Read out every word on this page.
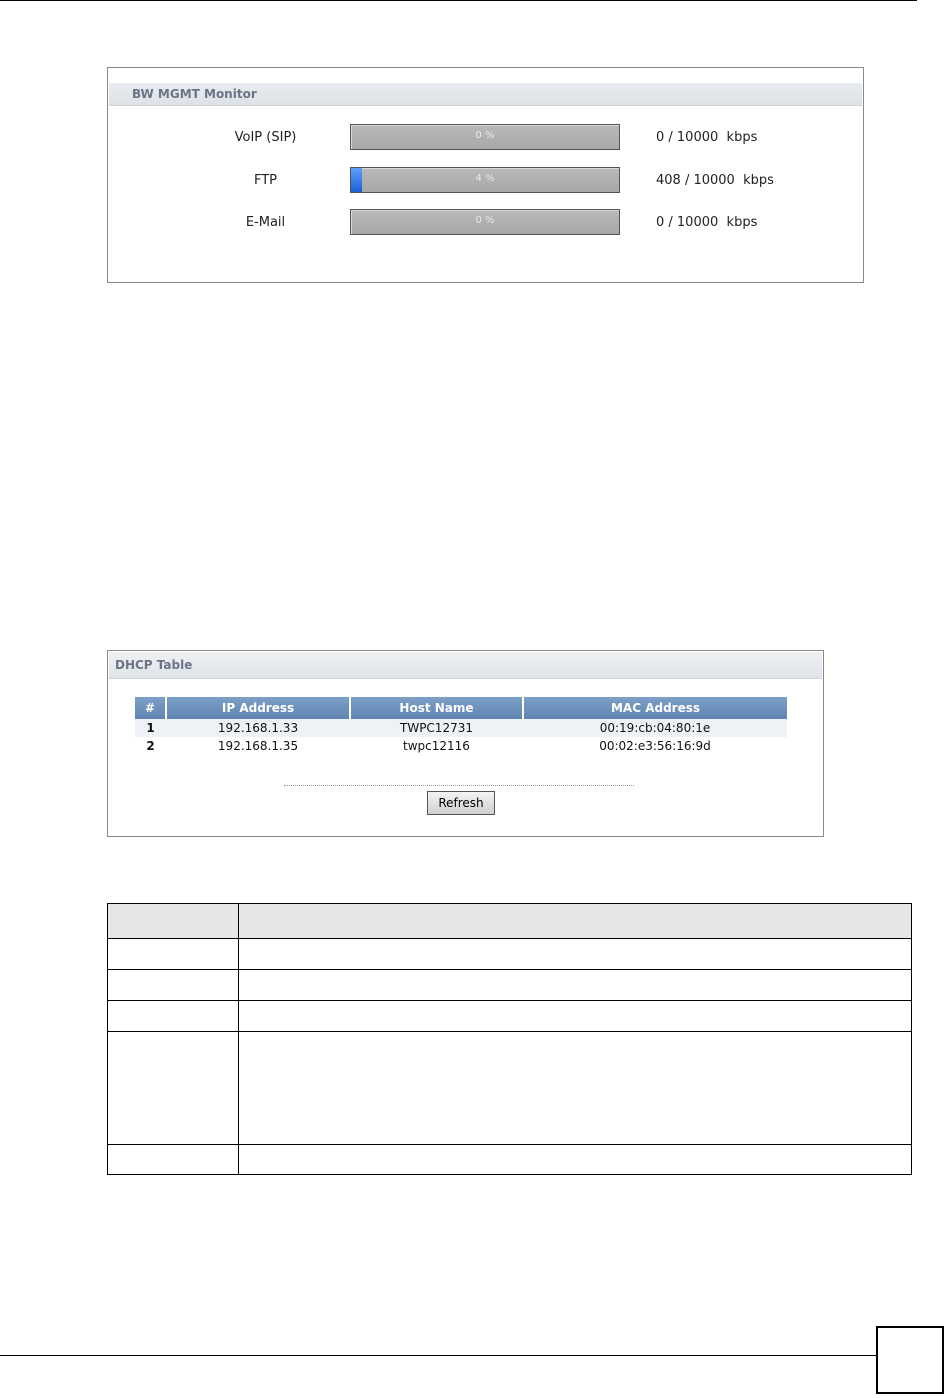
BW MGMT Monitor
VoIP (SIP)	0 %	0 / 10000  kbps
FTP	4 %	408 / 10000  kbps
E-Mail	0 %	0 / 10000  kbps
DHCP Table
#	IP Address	Host Name	MAC Address
1	192.168.1.33	TWPC12731	00:19:cb:04:80:1e
2	192.168.1.35	twpc12116	00:02:e3:56:16:9d
Refresh
